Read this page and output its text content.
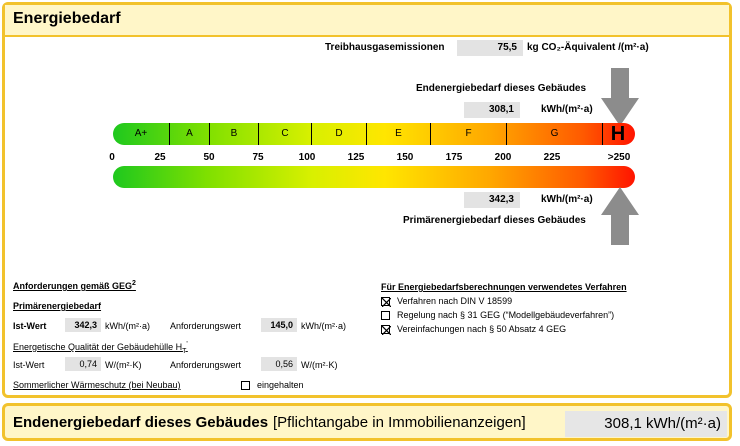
Energiebedarf
Treibhausgasemissionen	75,5	kg CO₂-Äquivalent /(m²·a)
Endenergiebedarf dieses Gebäudes
308,1	kWh/(m²·a)
A+	A	B	C	D	E	F	G	H
0	25	50	75	100	125	150	175	200	225	>250
342,3	kWh/(m²·a)
Primärenergiebedarf dieses Gebäudes
Anforderungen gemäß GEG$^2$
Primärenergiebedarf
Ist-Wert	342,3 kWh/(m²·a) Anforderungswert	145,0 kWh/(m²·a)
Energetische Qualität der Gebäudehülle $H_T'$
Ist-Wert	0,74 W/(m²·K)	Anforderungswert	0,56 W/(m²·K)
Sommerlicher Wärmeschutz (bei Neubau)	eingehalten
Für Energiebedarfsberechnungen verwendetes Verfahren
Verfahren nach DIN V 18599
Regelung nach § 31 GEG (“Modellgebäudeverfahren”)
Vereinfachungen nach § 50 Absatz 4 GEG
Endenergiebedarf dieses Gebäudes [Pflichtangabe in Immobilienanzeigen]	308,1 kWh/(m²·a)
